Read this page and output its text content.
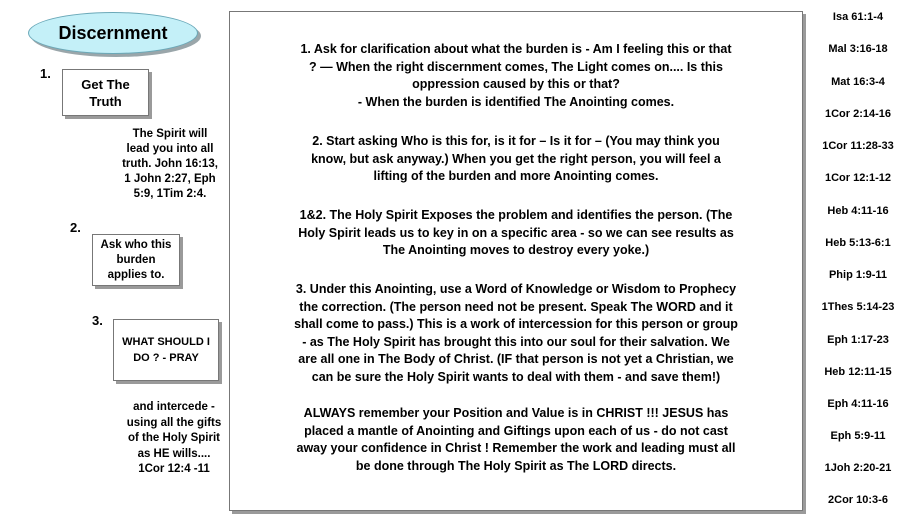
Discernment
1.
Get The Truth
The Spirit will lead you into all truth. John 16:13, 1 John 2:27, Eph 5:9, 1Tim 2:4.
2.
Ask who this burden applies to.
3.
WHAT SHOULD I DO ? - PRAY
and intercede - using all the gifts of the Holy Spirit as HE wills.... 1Cor 12:4 -11

1. Ask for clarification about what the burden is - Am I feeling this or that

? — When the right discernment comes, The Light comes on.... Is this

oppression caused by this or that?

- When the burden is identified The Anointing comes.

2. Start asking Who is this for, is it for – Is it for – (You may think you

know, but ask anyway.) When you get the right person, you will feel a

lifting of the burden and more Anointing comes.

1&2. The Holy Spirit Exposes the problem and identifies the person. (The

Holy Spirit leads us to key in on a specific area - so we can see results as

The Anointing moves to destroy every yoke.)

3. Under this Anointing, use a Word of Knowledge or Wisdom to Prophecy

the correction. (The person need not be present. Speak The WORD and it

shall come to pass.) This is a work of intercession for this person or group

- as The Holy Spirit has brought this into our soul for their salvation. We

are all one in The Body of Christ. (IF that person is not yet a Christian, we

can be sure the Holy Spirit wants to deal with them - and save them!)

ALWAYS remember your Position and Value is in CHRIST !!! JESUS has

placed a mantle of Anointing and Giftings upon each of us - do not cast

away your confidence in Christ ! Remember the work and leading must all

be done through The Holy Spirit as The LORD directs.

Isa 61:1-4
Mal 3:16-18
Mat 16:3-4
1Cor 2:14-16
1Cor 11:28-33
1Cor 12:1-12
Heb 4:11-16
Heb 5:13-6:1
Phip 1:9-11
1Thes 5:14-23
Eph 1:17-23
Heb 12:11-15
Eph 4:11-16
Eph 5:9-11
1Joh 2:20-21
2Cor 10:3-6
